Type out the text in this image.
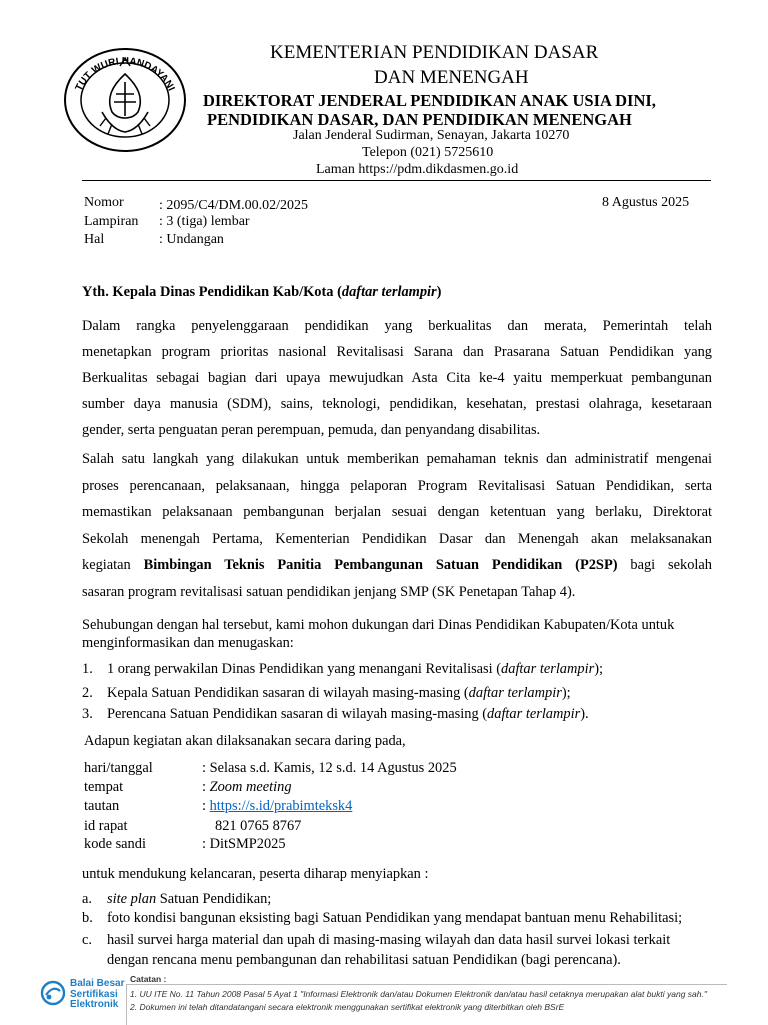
TUT WURI HANDAYANI
KEMENTERIAN PENDIDIKAN DASAR
DAN MENENGAH
DIREKTORAT JENDERAL PENDIDIKAN ANAK USIA DINI,
PENDIDIKAN DASAR, DAN PENDIDIKAN MENENGAH
Jalan Jenderal Sudirman, Senayan, Jakarta 10270
Telepon (021) 5725610
Laman https://pdm.dikdasmen.go.id
Nomor	: 2095/C4/DM.00.02/2025
Lampiran : 3 (tiga) lembar
Hal	: Undangan
8 Agustus 2025
Yth. Kepala Dinas Pendidikan Kab/Kota (daftar terlampir)
Dalam rangka penyelenggaraan pendidikan yang berkualitas dan merata, Pemerintah telah
menetapkan program prioritas nasional Revitalisasi Sarana dan Prasarana Satuan Pendidikan yang
Berkualitas sebagai bagian dari upaya mewujudkan Asta Cita ke-4 yaitu memperkuat pembangunan
sumber daya manusia (SDM), sains, teknologi, pendidikan, kesehatan, prestasi olahraga, kesetaraan
gender, serta penguatan peran perempuan, pemuda, dan penyandang disabilitas.
Salah satu langkah yang dilakukan untuk memberikan pemahaman teknis dan administratif mengenai
proses perencanaan, pelaksanaan, hingga pelaporan Program Revitalisasi Satuan Pendidikan, serta
memastikan pelaksanaan pembangunan berjalan sesuai dengan ketentuan yang berlaku, Direktorat
Sekolah menengah Pertama, Kementerian Pendidikan Dasar dan Menengah akan melaksanakan
kegiatan Bimbingan Teknis Panitia Pembangunan Satuan Pendidikan (P2SP) bagi sekolah
sasaran program revitalisasi satuan pendidikan jenjang SMP (SK Penetapan Tahap 4).
Sehubungan dengan hal tersebut, kami mohon dukungan dari Dinas Pendidikan Kabupaten/Kota untuk
menginformasikan dan menugaskan:
1. 1 orang perwakilan Dinas Pendidikan yang menangani Revitalisasi (daftar terlampir);
2. Kepala Satuan Pendidikan sasaran di wilayah masing-masing (daftar terlampir);
3. Perencana Satuan Pendidikan sasaran di wilayah masing-masing (daftar terlampir).
Adapun kegiatan akan dilaksanakan secara daring pada,
hari/tanggal	: Selasa s.d. Kamis, 12 s.d. 14 Agustus 2025
tempat	: Zoom meeting
tautan	: https://s.id/prabimteksk4
id rapat	821 0765 8767
kode sandi	: DitSMP2025
untuk mendukung kelancaran, peserta diharap menyiapkan :
a. site plan Satuan Pendidikan;
b. foto kondisi bangunan eksisting bagi Satuan Pendidikan yang mendapat bantuan menu Rehabilitasi;
c. hasil survei harga material dan upah di masing-masing wilayah dan data hasil survei lokasi terkait
dengan rencana menu pembangunan dan rehabilitasi satuan Pendidikan (bagi perencana).
Balai Besar
Sertifikasi
Elektronik
Catatan :
1. UU ITE No. 11 Tahun 2008 Pasal 5 Ayat 1 "Informasi Elektronik dan/atau Dokumen Elektronik dan/atau hasil cetaknya merupakan alat bukti yang sah."
2. Dokumen ini telah ditandatangani secara elektronik menggunakan sertifikat elektronik yang diterbitkan oleh BSrE
